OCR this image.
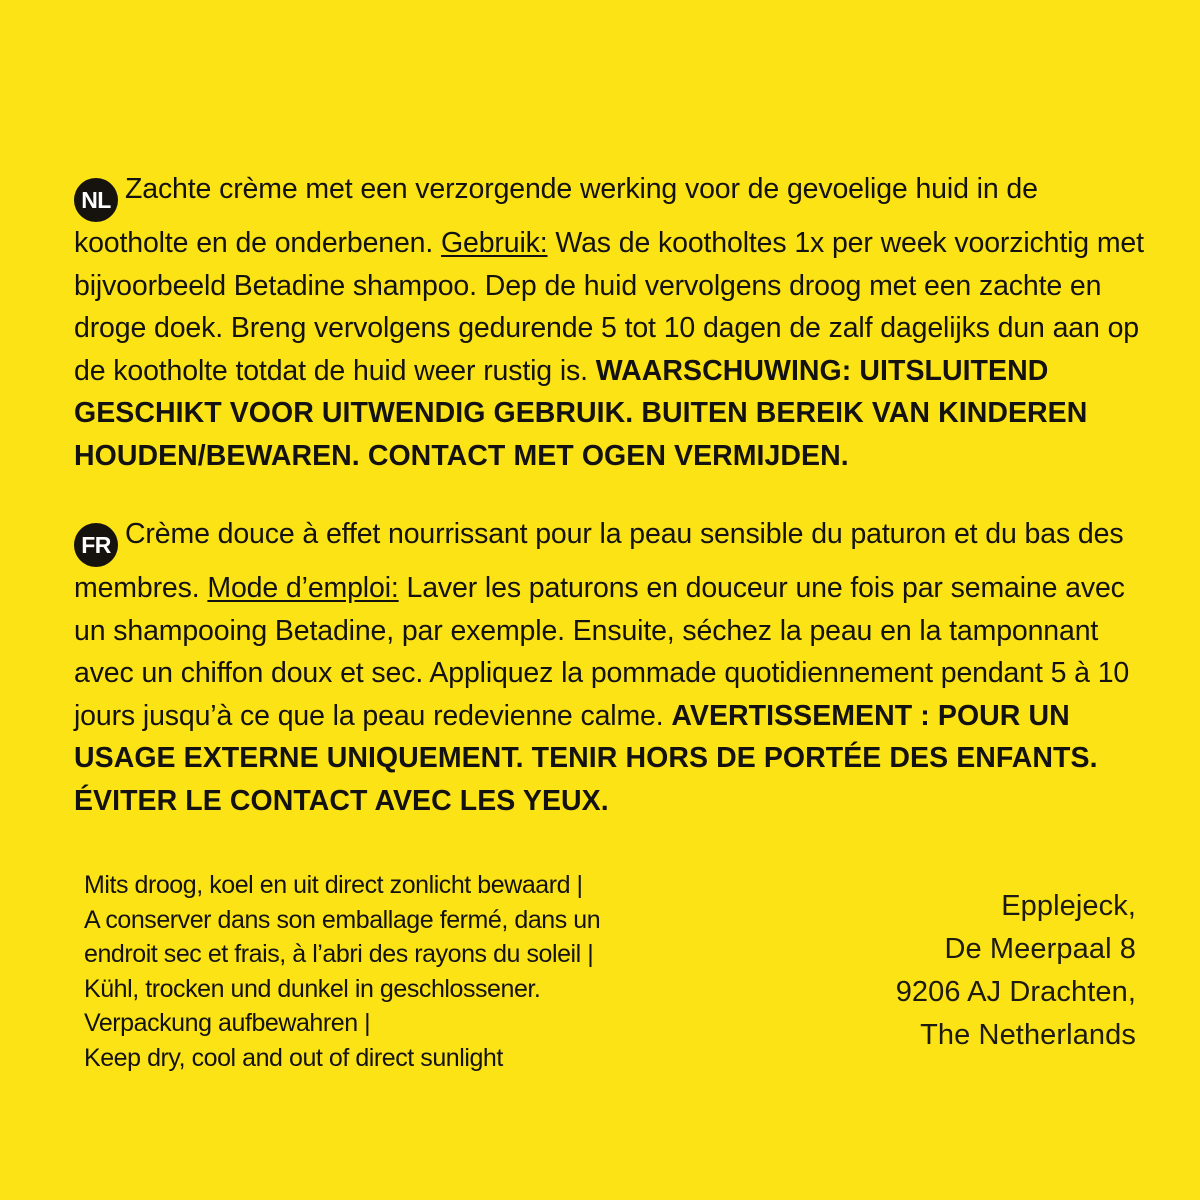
NL Zachte crème met een verzorgende werking voor de gevoelige huid in de kootholte en de onderbenen. Gebruik: Was de kootholtes 1x per week voorzichtig met bijvoorbeeld Betadine shampoo. Dep de huid vervolgens droog met een zachte en droge doek. Breng vervolgens gedurende 5 tot 10 dagen de zalf dagelijks dun aan op de kootholte totdat de huid weer rustig is. WAARSCHUWING: UITSLUITEND GESCHIKT VOOR UITWENDIG GEBRUIK. BUITEN BEREIK VAN KINDEREN HOUDEN/BEWAREN. CONTACT MET OGEN VERMIJDEN.

FR Crème douce à effet nourrissant pour la peau sensible du paturon et du bas des membres. Mode d’emploi: Laver les paturons en douceur une fois par semaine avec un shampooing Betadine, par exemple. Ensuite, séchez la peau en la tamponnant avec un chiffon doux et sec. Appliquez la pommade quotidiennement pendant 5 à 10 jours jusqu’à ce que la peau redevienne calme. AVERTISSEMENT : POUR UN USAGE EXTERNE UNIQUEMENT. TENIR HORS DE PORTÉE DES ENFANTS. ÉVITER LE CONTACT AVEC LES YEUX.

Mits droog, koel en uit direct zonlicht bewaard |

A conserver dans son emballage fermé, dans un

endroit sec et frais, à l’abri des rayons du soleil |

Kühl, trocken und dunkel in geschlossener.

Verpackung aufbewahren |

Keep dry, cool and out of direct sunlight

Epplejeck,

De Meerpaal 8

9206 AJ Drachten,

The Netherlands
